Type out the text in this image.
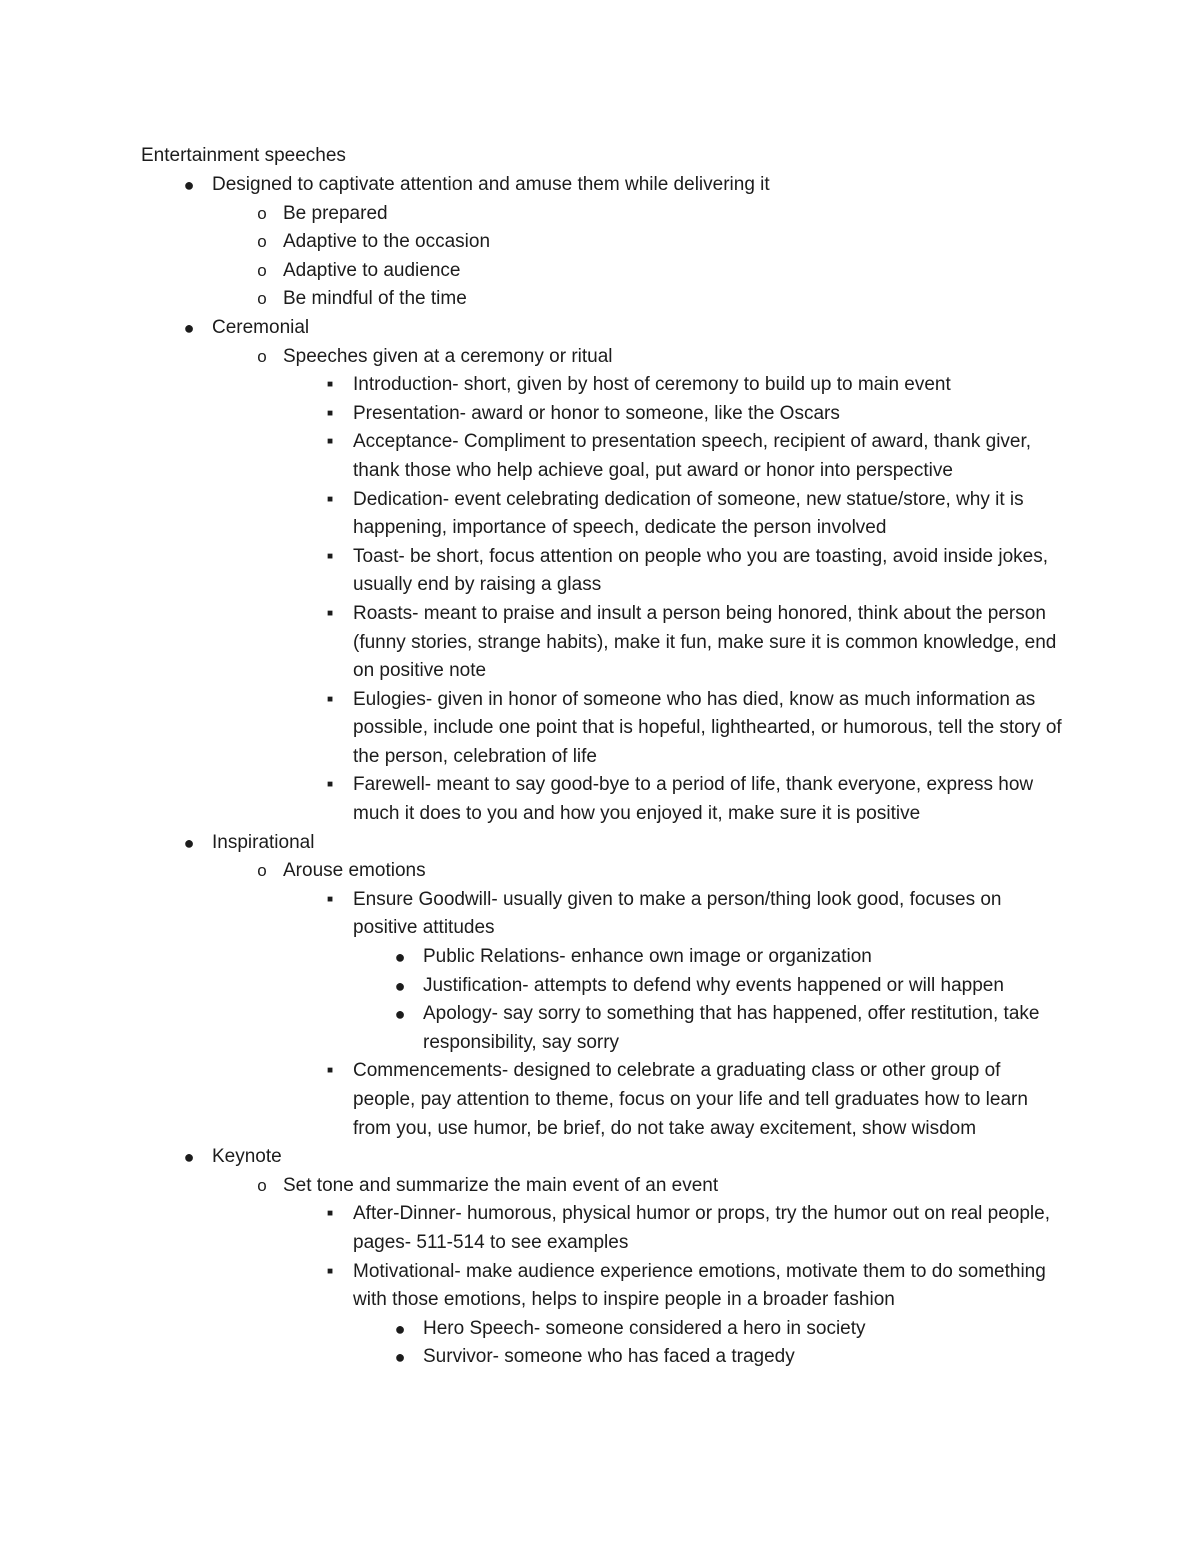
Entertainment speeches
● Designed to captivate attention and amuse them while delivering it
o Be prepared
o Adaptive to the occasion
o Adaptive to audience
o Be mindful of the time
● Ceremonial
o Speeches given at a ceremony or ritual
■	Introduction- short, given by host of ceremony to build up to main event
■	Presentation- award or honor to someone, like the Oscars
■	Acceptance- Compliment to presentation speech, recipient of award, thank giver, thank those who help achieve goal, put award or honor into perspective
■	Dedication- event celebrating dedication of someone, new statue/store, why it is happening, importance of speech, dedicate the person involved
■	Toast- be short, focus attention on people who you are toasting, avoid inside jokes, usually end by raising a glass
■	Roasts- meant to praise and insult a person being honored, think about the person (funny stories, strange habits), make it fun, make sure it is common knowledge, end on positive note
■	Eulogies- given in honor of someone who has died, know as much information as possible, include one point that is hopeful, lighthearted, or humorous, tell the story of the person, celebration of life
■	Farewell- meant to say good-bye to a period of life, thank everyone, express how much it does to you and how you enjoyed it, make sure it is positive
● Inspirational
o Arouse emotions
■	Ensure Goodwill- usually given to make a person/thing look good, focuses on positive attitudes
● Public Relations- enhance own image or organization
● Justification- attempts to defend why events happened or will happen
● Apology- say sorry to something that has happened, offer restitution, take responsibility, say sorry
■	Commencements- designed to celebrate a graduating class or other group of people, pay attention to theme, focus on your life and tell graduates how to learn from you, use humor, be brief, do not take away excitement, show wisdom
● Keynote
o Set tone and summarize the main event of an event
■	After-Dinner- humorous, physical humor or props, try the humor out on real people, pages- 511-514 to see examples
■	Motivational- make audience experience emotions, motivate them to do something with those emotions, helps to inspire people in a broader fashion
● Hero Speech- someone considered a hero in society
● Survivor- someone who has faced a tragedy
